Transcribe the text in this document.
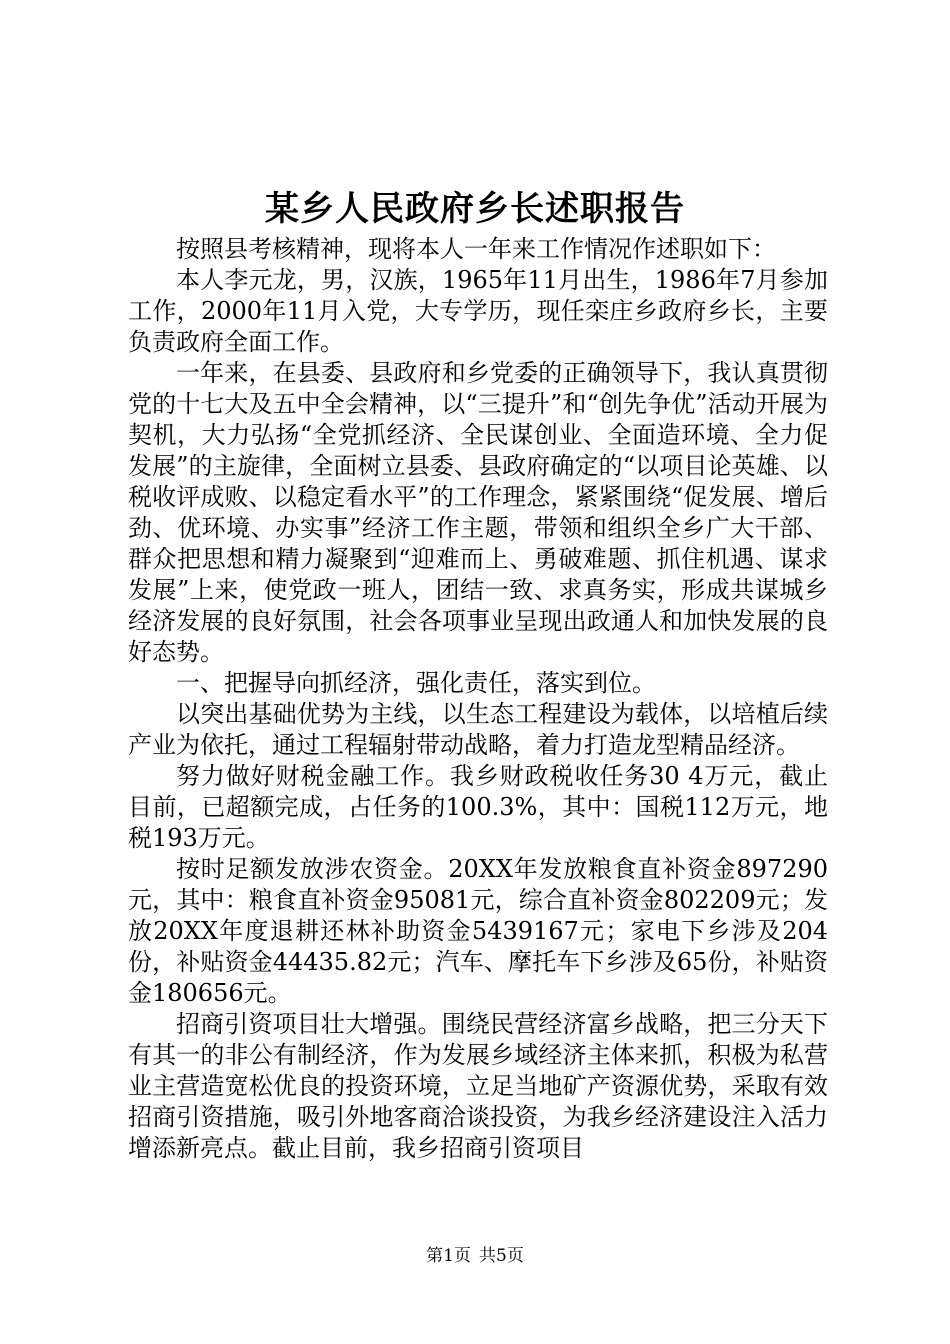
某乡人民政府乡长述职报告

按照县考核精神，现将本人一年来工作情况作述职如下：

本人李元龙，男，汉族，1965年11月出生，1986年7月参加工作，2000年11月入党，大专学历，现任栾庄乡政府乡长，主要负责政府全面工作。

一年来，在县委、县政府和乡党委的正确领导下，我认真贯彻党的十七大及五中全会精神，以“三提升”和“创先争优”活动开展为契机，大力弘扬“全党抓经济、全民谋创业、全面造环境、全力促发展”的主旋律，全面树立县委、县政府确定的“以项目论英雄、以税收评成败、以稳定看水平”的工作理念，紧紧围绕“促发展、增后劲、优环境、办实事”经济工作主题，带领和组织全乡广大干部、群众把思想和精力凝聚到“迎难而上、勇破难题、抓住机遇、谋求发展”上来，使党政一班人，团结一致、求真务实，形成共谋城乡经济发展的良好氛围，社会各项事业呈现出政通人和加快发展的良好态势。

一、把握导向抓经济，强化责任，落实到位。

以突出基础优势为主线，以生态工程建设为载体，以培植后续产业为依托，通过工程辐射带动战略，着力打造龙型精品经济。

努力做好财税金融工作。我乡财政税收任务30 4万元，截止目前，已超额完成，占任务的100.3%，其中：国税112万元，地税193万元。

按时足额发放涉农资金。20XX年发放粮食直补资金897290元，其中：粮食直补资金95081元，综合直补资金802209元；发放20XX年度退耕还林补助资金5439167元；家电下乡涉及204份，补贴资金44435.82元；汽车、摩托车下乡涉及65份，补贴资金180656元。

招商引资项目壮大增强。围绕民营经济富乡战略，把三分天下有其一的非公有制经济，作为发展乡域经济主体来抓，积极为私营业主营造宽松优良的投资环境，立足当地矿产资源优势，采取有效招商引资措施，吸引外地客商洽谈投资，为我乡经济建设注入活力增添新亮点。截止目前，我乡招商引资项目

第1页 共5页
